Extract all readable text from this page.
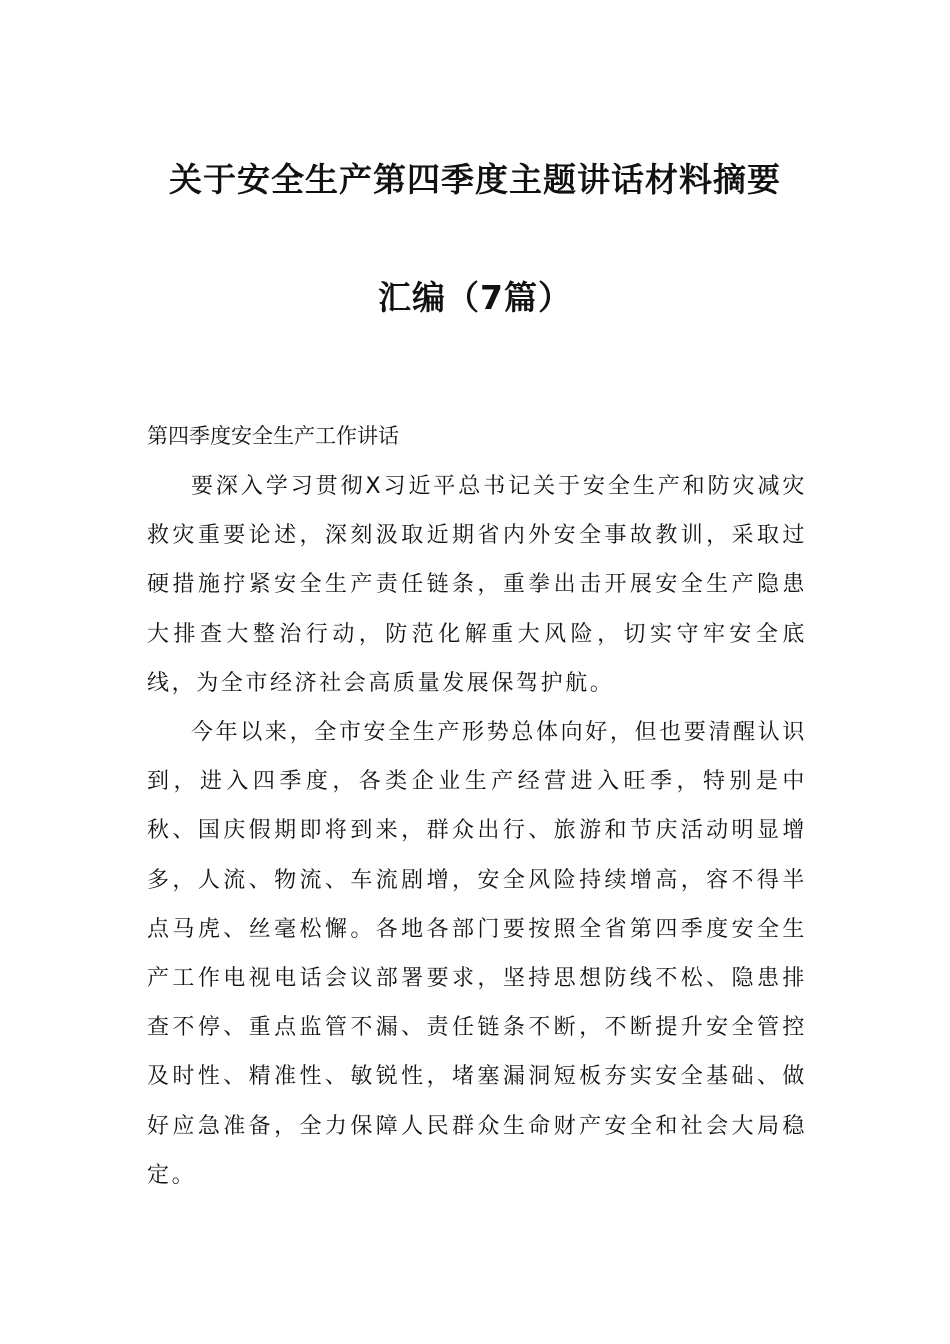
关于安全生产第四季度主题讲话材料摘要
汇编（7篇）
第四季度安全生产工作讲话

要深入学习贯彻X习近平总书记关于安全生产和防灾减灾救灾重要论述，深刻汲取近期省内外安全事故教训，采取过硬措施拧紧安全生产责任链条，重拳出击开展安全生产隐患大排查大整治行动，防范化解重大风险，切实守牢安全底线，为全市经济社会高质量发展保驾护航。

今年以来，全市安全生产形势总体向好，但也要清醒认识到，进入四季度，各类企业生产经营进入旺季，特别是中秋、国庆假期即将到来，群众出行、旅游和节庆活动明显增多，人流、物流、车流剧增，安全风险持续增高，容不得半点马虎、丝毫松懈。各地各部门要按照全省第四季度安全生产工作电视电话会议部署要求，坚持思想防线不松、隐患排查不停、重点监管不漏、责任链条不断，不断提升安全管控及时性、精准性、敏锐性，堵塞漏洞短板夯实安全基础、做好应急准备，全力保障人民群众生命财产安全和社会大局稳定。
